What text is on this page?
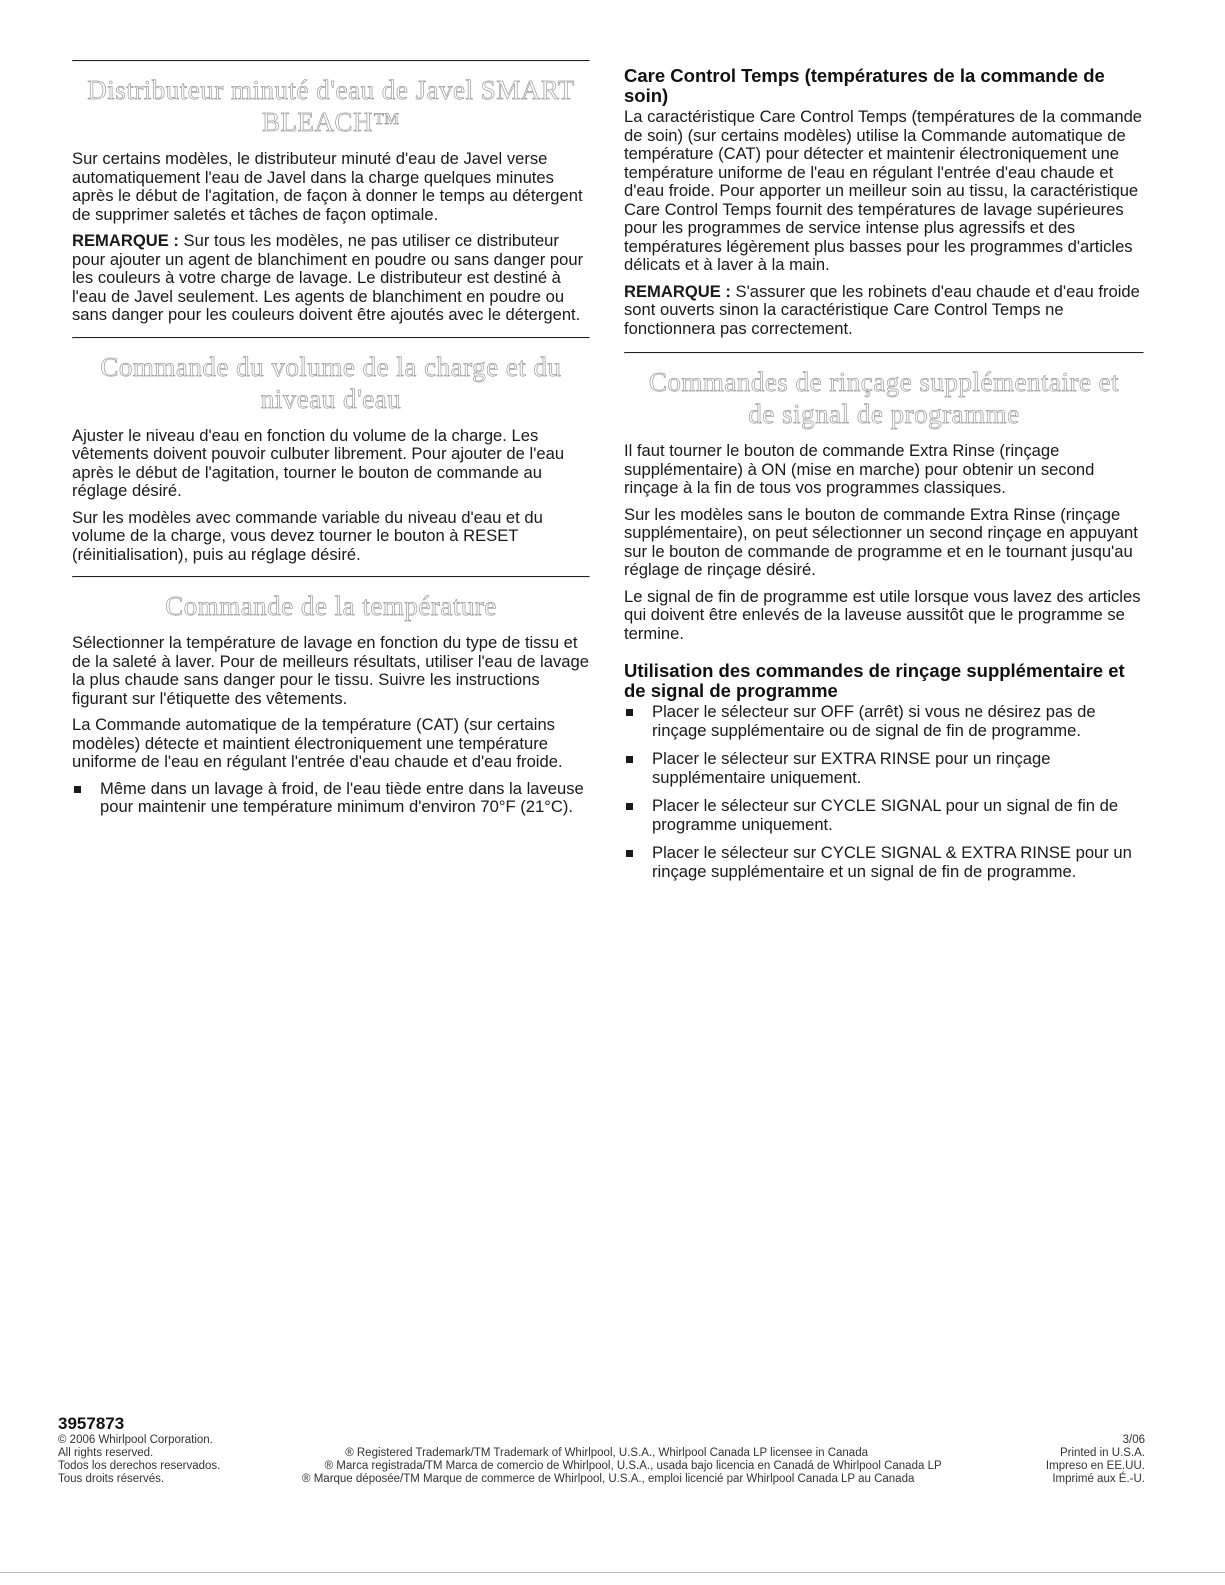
Distributeur minuté d'eau de Javel SMART BLEACH™

Sur certains modèles, le distributeur minuté d'eau de Javel verse automatiquement l'eau de Javel dans la charge quelques minutes après le début de l'agitation, de façon à donner le temps au détergent de supprimer saletés et tâches de façon optimale.

REMARQUE : Sur tous les modèles, ne pas utiliser ce distributeur pour ajouter un agent de blanchiment en poudre ou sans danger pour les couleurs à votre charge de lavage. Le distributeur est destiné à l'eau de Javel seulement. Les agents de blanchiment en poudre ou sans danger pour les couleurs doivent être ajoutés avec le détergent.

Commande du volume de la charge et du niveau d'eau

Ajuster le niveau d'eau en fonction du volume de la charge. Les vêtements doivent pouvoir culbuter librement. Pour ajouter de l'eau après le début de l'agitation, tourner le bouton de commande au réglage désiré.

Sur les modèles avec commande variable du niveau d'eau et du volume de la charge, vous devez tourner le bouton à RESET (réinitialisation), puis au réglage désiré.

Commande de la température

Sélectionner la température de lavage en fonction du type de tissu et de la saleté à laver. Pour de meilleurs résultats, utiliser l'eau de lavage la plus chaude sans danger pour le tissu. Suivre les instructions figurant sur l'étiquette des vêtements.

La Commande automatique de la température (CAT) (sur certains modèles) détecte et maintient électroniquement une température uniforme de l'eau en régulant l'entrée d'eau chaude et d'eau froide.

Même dans un lavage à froid, de l'eau tiède entre dans la laveuse pour maintenir une température minimum d'environ 70°F (21°C).
Care Control Temps (températures de la commande de soin)

La caractéristique Care Control Temps (températures de la commande de soin) (sur certains modèles) utilise la Commande automatique de température (CAT) pour détecter et maintenir électroniquement une température uniforme de l'eau en régulant l'entrée d'eau chaude et d'eau froide. Pour apporter un meilleur soin au tissu, la caractéristique Care Control Temps fournit des températures de lavage supérieures pour les programmes de service intense plus agressifs et des températures légèrement plus basses pour les programmes d'articles délicats et à laver à la main.

REMARQUE : S'assurer que les robinets d'eau chaude et d'eau froide sont ouverts sinon la caractéristique Care Control Temps ne fonctionnera pas correctement.

Commandes de rinçage supplémentaire et de signal de programme

Il faut tourner le bouton de commande Extra Rinse (rinçage supplémentaire) à ON (mise en marche) pour obtenir un second rinçage à la fin de tous vos programmes classiques.

Sur les modèles sans le bouton de commande Extra Rinse (rinçage supplémentaire), on peut sélectionner un second rinçage en appuyant sur le bouton de commande de programme et en le tournant jusqu'au réglage de rinçage désiré.

Le signal de fin de programme est utile lorsque vous lavez des articles qui doivent être enlevés de la laveuse aussitôt que le programme se termine.

Utilisation des commandes de rinçage supplémentaire et de signal de programme
Placer le sélecteur sur OFF (arrêt) si vous ne désirez pas de rinçage supplémentaire ou de signal de fin de programme.
Placer le sélecteur sur EXTRA RINSE pour un rinçage supplémentaire uniquement.
Placer le sélecteur sur CYCLE SIGNAL pour un signal de fin de programme uniquement.
Placer le sélecteur sur CYCLE SIGNAL & EXTRA RINSE pour un rinçage supplémentaire et un signal de fin de programme.
3957873
© 2006 Whirlpool Corporation.	3/06
All rights reserved.	® Registered Trademark/TM Trademark of Whirlpool, U.S.A., Whirlpool Canada LP licensee in Canada	Printed in U.S.A.
Todos los derechos reservados.	® Marca registrada/TM Marca de comercio de Whirlpool, U.S.A., usada bajo licencia en Canadá de Whirlpool Canada LP	Impreso en EE.UU.
Tous droits réservés.	® Marque déposée/TM Marque de commerce de Whirlpool, U.S.A., emploi licencié par Whirlpool Canada LP au Canada	Imprimé aux É.-U.
